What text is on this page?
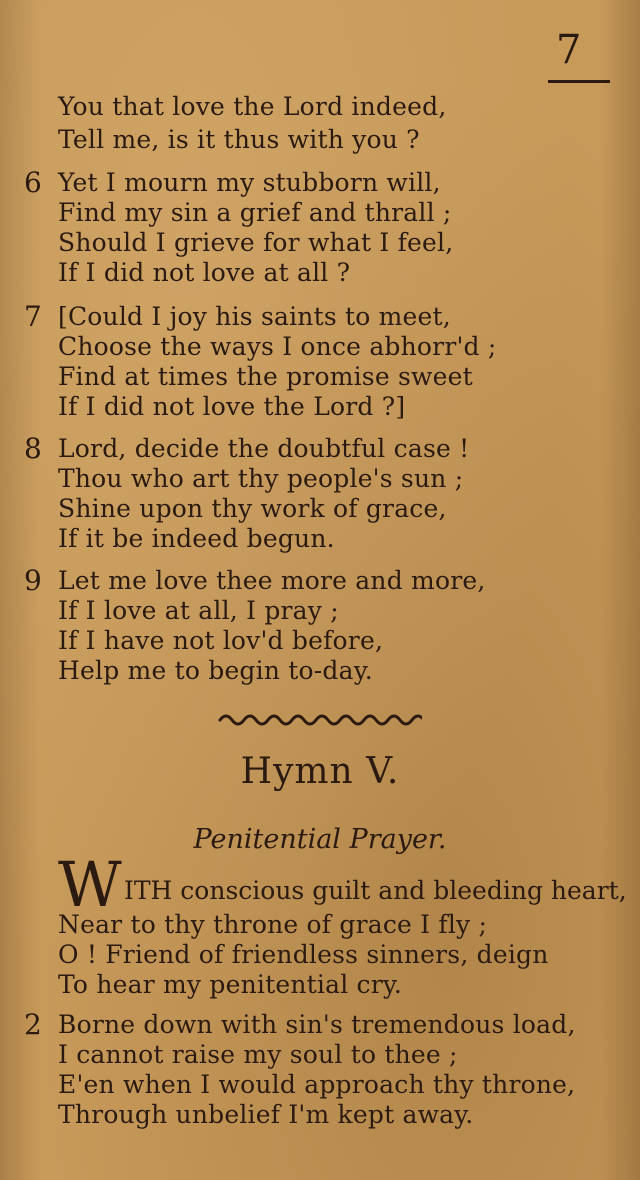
7
You that love the Lord indeed,
Tell me, is it thus with you ?
6 Yet I mourn my stubborn will,
Find my sin a grief and thrall ;
Should I grieve for what I feel,
If I did not love at all ?
7 [Could I joy his saints to meet,
Choose the ways I once abhorr'd ;
Find at times the promise sweet
If I did not love the Lord ?]
8 Lord, decide the doubtful case !
Thou who art thy people's sun ;
Shine upon thy work of grace,
If it be indeed begun.
9 Let me love thee more and more,
If I love at all, I pray ;
If I have not lov'd before,
Help me to begin to-day.
Hymn V.
Penitential Prayer.
W ITH conscious guilt and bleeding heart,
Near to thy throne of grace I fly ;
O ! Friend of friendless sinners, deign
To hear my penitential cry.
2 Borne down with sin's tremendous load,
I cannot raise my soul to thee ;
E'en when I would approach thy throne,
Through unbelief I'm kept away.
